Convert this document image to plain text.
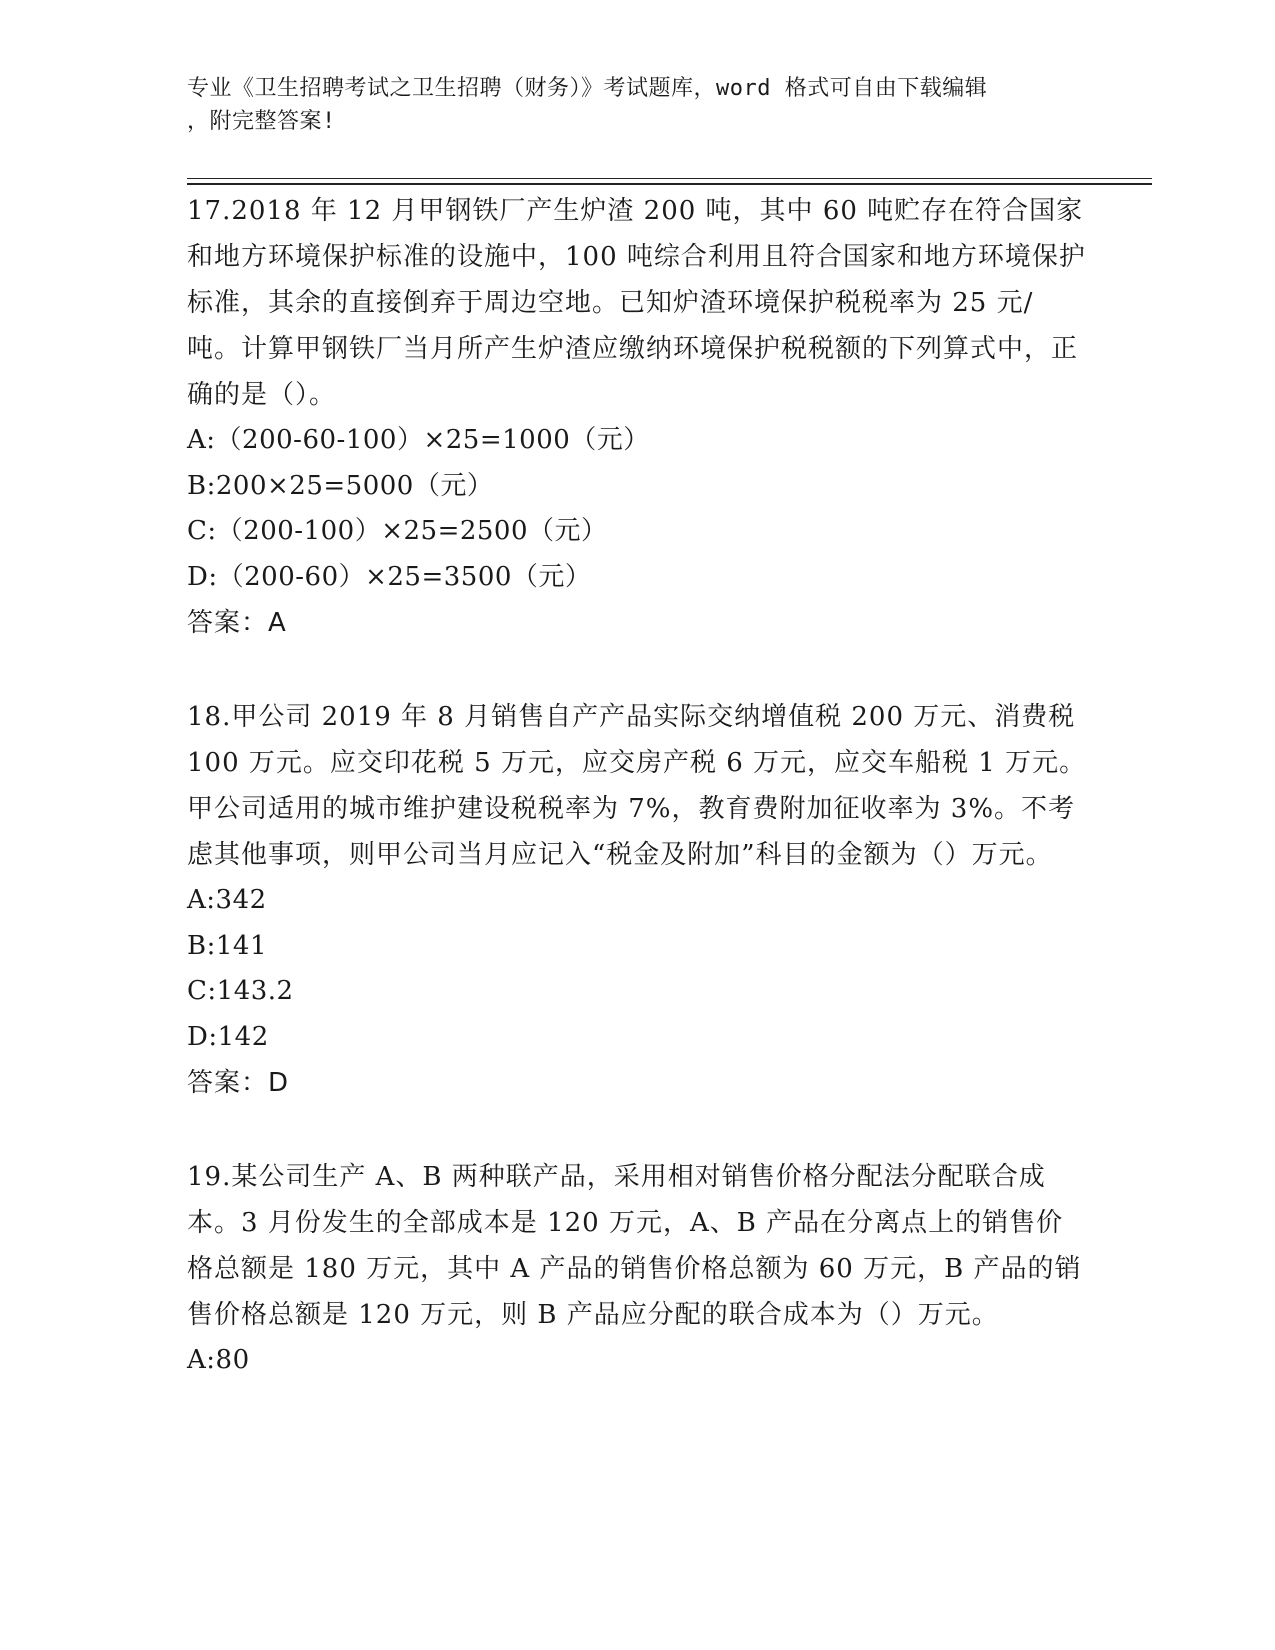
专业《卫生招聘考试之卫生招聘（财务）》考试题库，word 格式可自由下载编辑
，附完整答案!

17.2018 年 12 月甲钢铁厂产生炉渣 200 吨，其中 60 吨贮存在符合国家和地方环境保护标准的设施中，100 吨综合利用且符合国家和地方环境保护标准，其余的直接倒弃于周边空地。已知炉渣环境保护税税率为 25 元/吨。计算甲钢铁厂当月所产生炉渣应缴纳环境保护税税额的下列算式中，正确的是（）。

A:（200-60-100）×25=1000（元）

B:200×25=5000（元）

C:（200-100）×25=2500（元）

D:（200-60）×25=3500（元）

答案：A

18.甲公司 2019 年 8 月销售自产产品实际交纳增值税 200 万元、消费税 100 万元。应交印花税 5 万元，应交房产税 6 万元，应交车船税 1 万元。甲公司适用的城市维护建设税税率为 7%，教育费附加征收率为 3%。不考虑其他事项，则甲公司当月应记入“税金及附加”科目的金额为（）万元。

A:342

B:141

C:143.2

D:142

答案：D

19.某公司生产 A、B 两种联产品，采用相对销售价格分配法分配联合成本。3 月份发生的全部成本是 120 万元，A、B 产品在分离点上的销售价格总额是 180 万元，其中 A 产品的销售价格总额为 60 万元，B 产品的销售价格总额是 120 万元，则 B 产品应分配的联合成本为（）万元。

A:80
